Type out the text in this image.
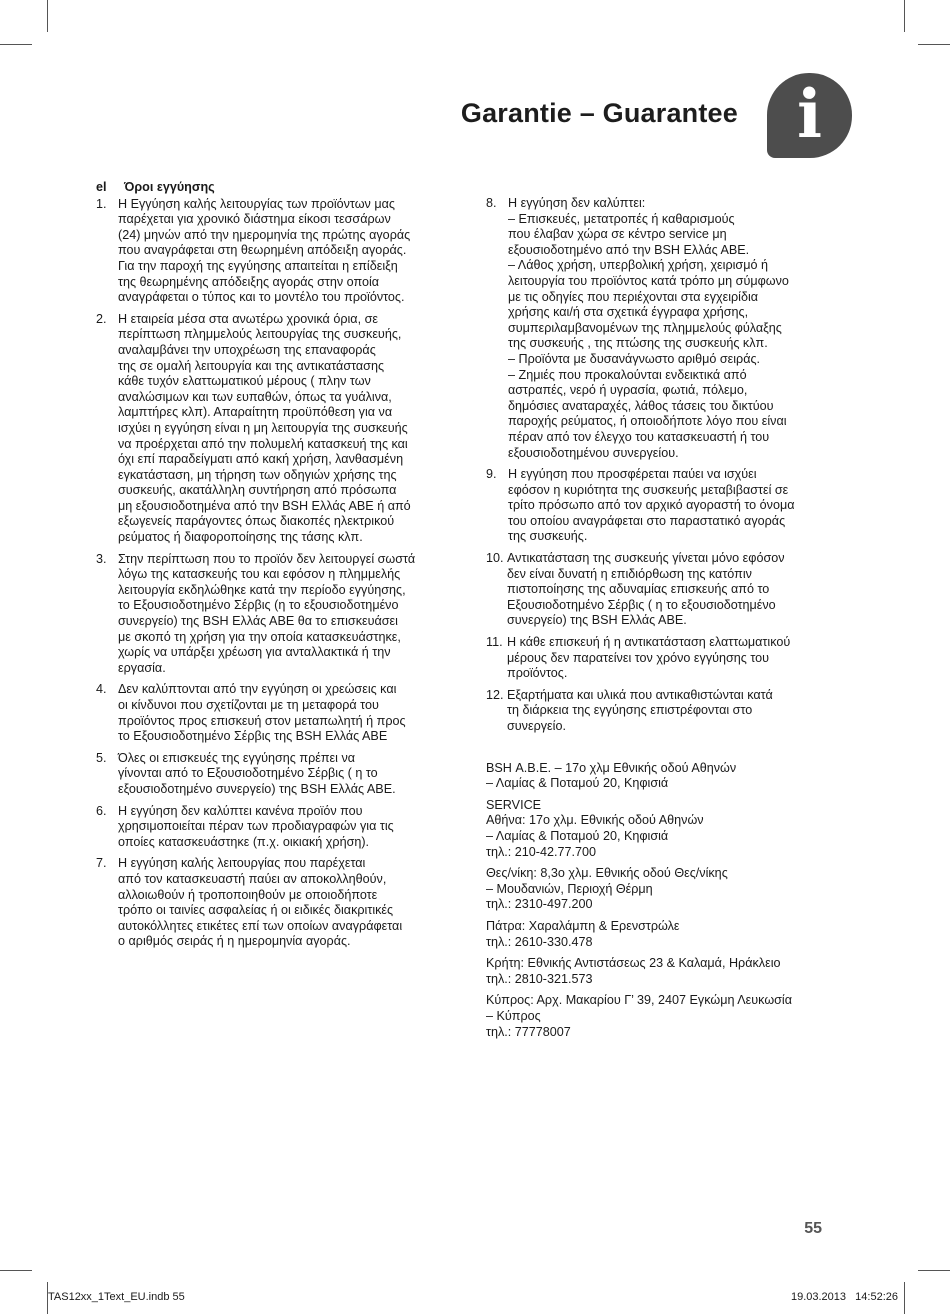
Garantie – Guarantee i
el	Όροι εγγύησης
1. Η Εγγύηση καλής λειτουργίας των προϊόντων μας
παρέχεται για χρονικό διάστημα είκοσι τεσσάρων
(24) μηνών από την ημερομηνία της πρώτης αγοράς
που αναγράφεται στη θεωρημένη απόδειξη αγοράς.
Για την παροχή της εγγύησης απαιτείται η επίδειξη
της θεωρημένης απόδειξης αγοράς στην οποία
αναγράφεται ο τύπος και το μοντέλο του προϊόντος.
2. Η εταιρεία μέσα στα ανωτέρω χρονικά όρια, σε
περίπτωση πλημμελούς λειτουργίας της συσκευής,
αναλαμβάνει την υποχρέωση της επαναφοράς
της σε ομαλή λειτουργία και της αντικατάστασης
κάθε τυχόν ελαττωματικού μέρους ( πλην των
αναλώσιμων και των ευπαθών, όπως τα γυάλινα,
λαμπτήρες κλπ). Απαραίτητη προϋπόθεση για να
ισχύει η εγγύηση είναι η μη λειτουργία της συσκευής
να προέρχεται από την πολυμελή κατασκευή της και
όχι επί παραδείγματι από κακή χρήση, λανθασμένη
εγκατάσταση, μη τήρηση των οδηγιών χρήσης της
συσκευής, ακατάλληλη συντήρηση από πρόσωπα
μη εξουσιοδοτημένα από την BSH Ελλάς ΑΒΕ ή από
εξωγενείς παράγοντες όπως διακοπές ηλεκτρικού
ρεύματος ή διαφοροποίησης της τάσης κλπ.
3. Στην περίπτωση που το προϊόν δεν λειτουργεί σωστά
λόγω της κατασκευής του και εφόσον η πλημμελής
λειτουργία εκδηλώθηκε κατά την περίοδο εγγύησης,
το Εξουσιοδοτημένο Σέρβις (η το εξουσιοδοτημένο
συνεργείο) της BSH Ελλάς ΑΒΕ θα το επισκευάσει
με σκοπό τη χρήση για την οποία κατασκευάστηκε,
χωρίς να υπάρξει χρέωση για ανταλλακτικά ή την
εργασία.
4. Δεν καλύπτονται από την εγγύηση οι χρεώσεις και
οι κίνδυνοι που σχετίζονται με τη μεταφορά του
προϊόντος προς επισκευή στον μεταπωλητή ή προς
το Εξουσιοδοτημένο Σέρβις της BSH Ελλάς ΑΒΕ
5. Όλες οι επισκευές της εγγύησης πρέπει να
γίνονται από το Εξουσιοδοτημένο Σέρβις ( η το
εξουσιοδοτημένο συνεργείο) της BSH Ελλάς ΑΒΕ.
6. Η εγγύηση δεν καλύπτει κανένα προϊόν που
χρησιμοποιείται πέραν των προδιαγραφών για τις
οποίες κατασκευάστηκε (π.χ. οικιακή χρήση).
7. Η εγγύηση καλής λειτουργίας που παρέχεται
από τον κατασκευαστή παύει αν αποκολληθούν,
αλλοιωθούν ή τροποποιηθούν με οποιοδήποτε
τρόπο οι ταινίες ασφαλείας ή οι ειδικές διακριτικές
αυτοκόλλητες ετικέτες επί των οποίων αναγράφεται
ο αριθμός σειράς ή η ημερομηνία αγοράς.
8. Η εγγύηση δεν καλύπτει:
– Επισκευές, μετατροπές ή καθαρισμούς
που έλαβαν χώρα σε κέντρο service μη
εξουσιοδοτημένο από την BSH Ελλάς ΑΒΕ.
– Λάθος χρήση, υπερβολική χρήση, χειρισμό ή
λειτουργία του προϊόντος κατά τρόπο μη σύμφωνο
με τις οδηγίες που περιέχονται στα εγχειρίδια
χρήσης και/ή στα σχετικά έγγραφα χρήσης,
συμπεριλαμβανομένων της πλημμελούς φύλαξης
της συσκευής , της πτώσης της συσκευής κλπ.
– Προϊόντα με δυσανάγνωστο αριθμό σειράς.
– Ζημιές που προκαλούνται ενδεικτικά από
αστραπές, νερό ή υγρασία, φωτιά, πόλεμο,
δημόσιες αναταραχές, λάθος τάσεις του δικτύου
παροχής ρεύματος, ή οποιοδήποτε λόγο που είναι
πέραν από τον έλεγχο του κατασκευαστή ή του
εξουσιοδοτημένου συνεργείου.
9. Η εγγύηση που προσφέρεται παύει να ισχύει
εφόσον η κυριότητα της συσκευής μεταβιβαστεί σε
τρίτο πρόσωπο από τον αρχικό αγοραστή το όνομα
του οποίου αναγράφεται στο παραστατικό αγοράς
της συσκευής.
10. Αντικατάσταση της συσκευής γίνεται μόνο εφόσον
δεν είναι δυνατή η επιδιόρθωση της κατόπιν
πιστοποίησης της αδυναμίας επισκευής από το
Εξουσιοδοτημένο Σέρβις ( η το εξουσιοδοτημένο
συνεργείο) της BSH Ελλάς ΑΒΕ.
11. Η κάθε επισκευή ή η αντικατάσταση ελαττωματικού
μέρους δεν παρατείνει τον χρόνο εγγύησης του
προϊόντος.
12. Εξαρτήματα και υλικά που αντικαθιστώνται κατά
τη διάρκεια της εγγύησης επιστρέφονται στο
συνεργείο.
BSH Α.Β.Ε. – 17ο χλμ Εθνικής οδού Αθηνών
– Λαμίας & Ποταμού 20, Κηφισιά
SERVICE
Αθήνα: 17ο χλμ. Εθνικής οδού Αθηνών
– Λαμίας & Ποταμού 20, Κηφισιά
τηλ.: 210-42.77.700
Θες/νίκη: 8,3ο χλμ. Εθνικής οδού Θες/νίκης
– Μουδανιών, Περιοχή Θέρμη
τηλ.: 2310-497.200
Πάτρα: Χαραλάμπη & Ερενστρώλε
τηλ.: 2610-330.478
Κρήτη: Εθνικής Αντιστάσεως 23 & Καλαμά, Ηράκλειο
τηλ.: 2810-321.573
Κύπρος: Αρχ. Μακαρίου Γ’ 39, 2407 Εγκώμη Λευκωσία
– Κύπρος
τηλ.: 77778007
55
TAS12xx_1Text_EU.indb 55	19.03.2013   14:52:26
